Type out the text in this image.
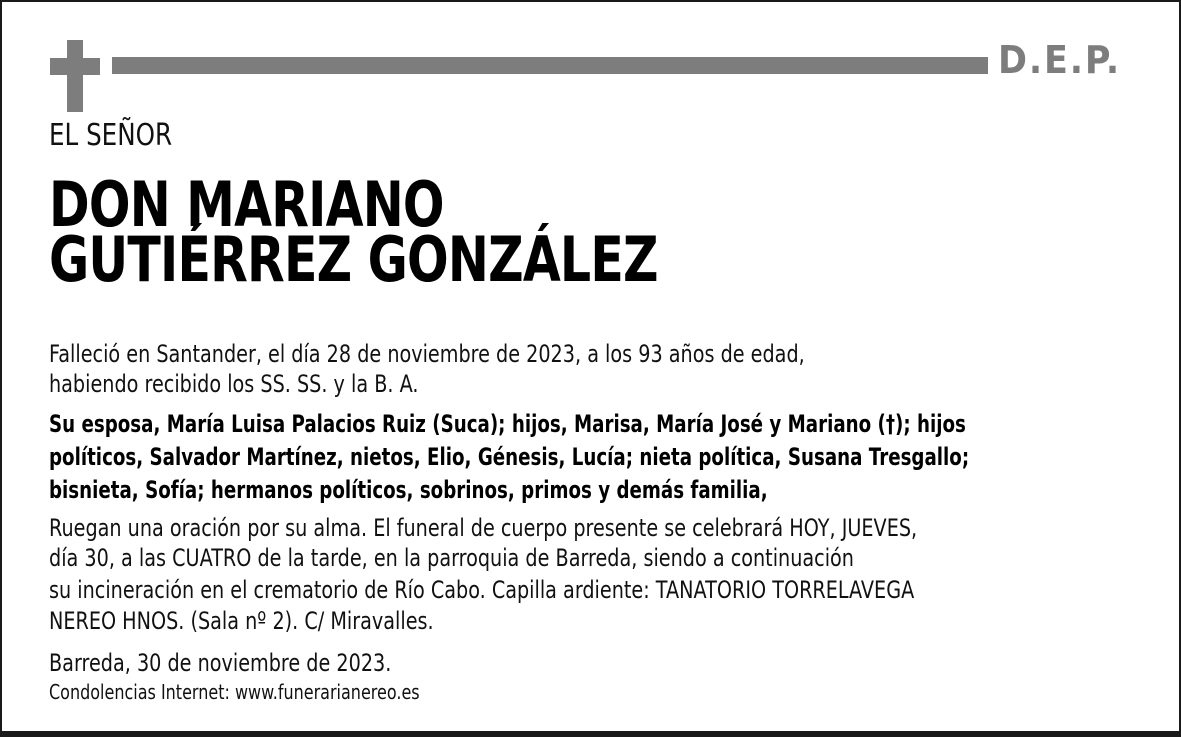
D.E.P.
EL SEÑOR
DON MARIANO
GUTIÉRREZ GONZÁLEZ
Falleció en Santander, el día 28 de noviembre de 2023, a los 93 años de edad,
habiendo recibido los SS. SS. y la B. A.
Su esposa, María Luisa Palacios Ruiz (Suca); hijos, Marisa, María José y Mariano (†); hijos
políticos, Salvador Martínez, nietos, Elio, Génesis, Lucía; nieta política, Susana Tresgallo;
bisnieta, Sofía; hermanos políticos, sobrinos, primos y demás familia,
Ruegan una oración por su alma. El funeral de cuerpo presente se celebrará HOY, JUEVES,
día 30, a las CUATRO de la tarde, en la parroquia de Barreda, siendo a continuación
su incineración en el crematorio de Río Cabo. Capilla ardiente: TANATORIO TORRELAVEGA
NEREO HNOS. (Sala nº 2). C/ Miravalles.
Barreda, 30 de noviembre de 2023.
Condolencias Internet: www.funerarianereo.es
